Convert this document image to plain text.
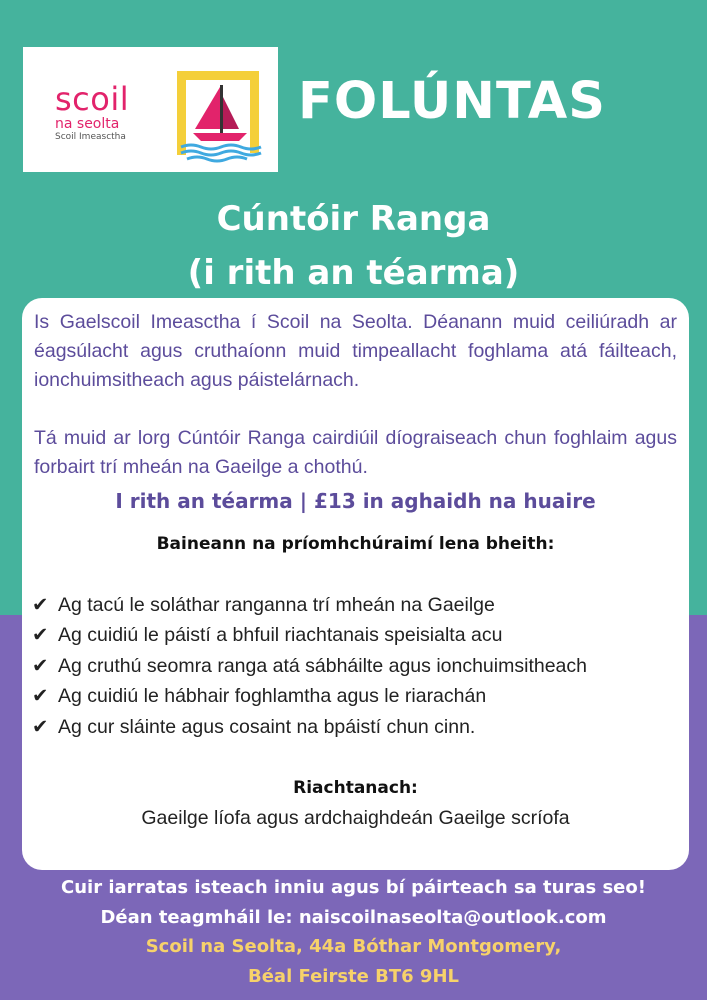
scoil
na seolta
Scoil Imeasctha
FOLÚNTAS
Cúntóir Ranga
(i rith an téarma)

Is Gaelscoil Imeasctha í Scoil na Seolta. Déanann muid ceiliúradh ar éagsúlacht agus cruthaíonn muid timpeallacht foghlama atá fáilteach, ionchuimsitheach agus páistelárnach.

Tá muid ar lorg Cúntóir Ranga cairdiúil díograiseach chun foghlaim agus forbairt trí mheán na Gaeilge a chothú.

I rith an téarma | £13 in aghaidh na huaire
Baineann na príomhchúraimí lena bheith:
✔ Ag tacú le soláthar ranganna trí mheán na Gaeilge
✔ Ag cuidiú le páistí a bhfuil riachtanais speisialta acu
✔ Ag cruthú seomra ranga atá sábháilte agus ionchuimsitheach
✔ Ag cuidiú le hábhair foghlamtha agus le riarachán
✔ Ag cur sláinte agus cosaint na bpáistí chun cinn.
Riachtanach:
Gaeilge líofa agus ardchaighdeán Gaeilge scríofa
Cuir iarratas isteach inniu agus bí páirteach sa turas seo!
Déan teagmháil le: naiscoilnaseolta@outlook.com
Scoil na Seolta, 44a Bóthar Montgomery,
Béal Feirste BT6 9HL
